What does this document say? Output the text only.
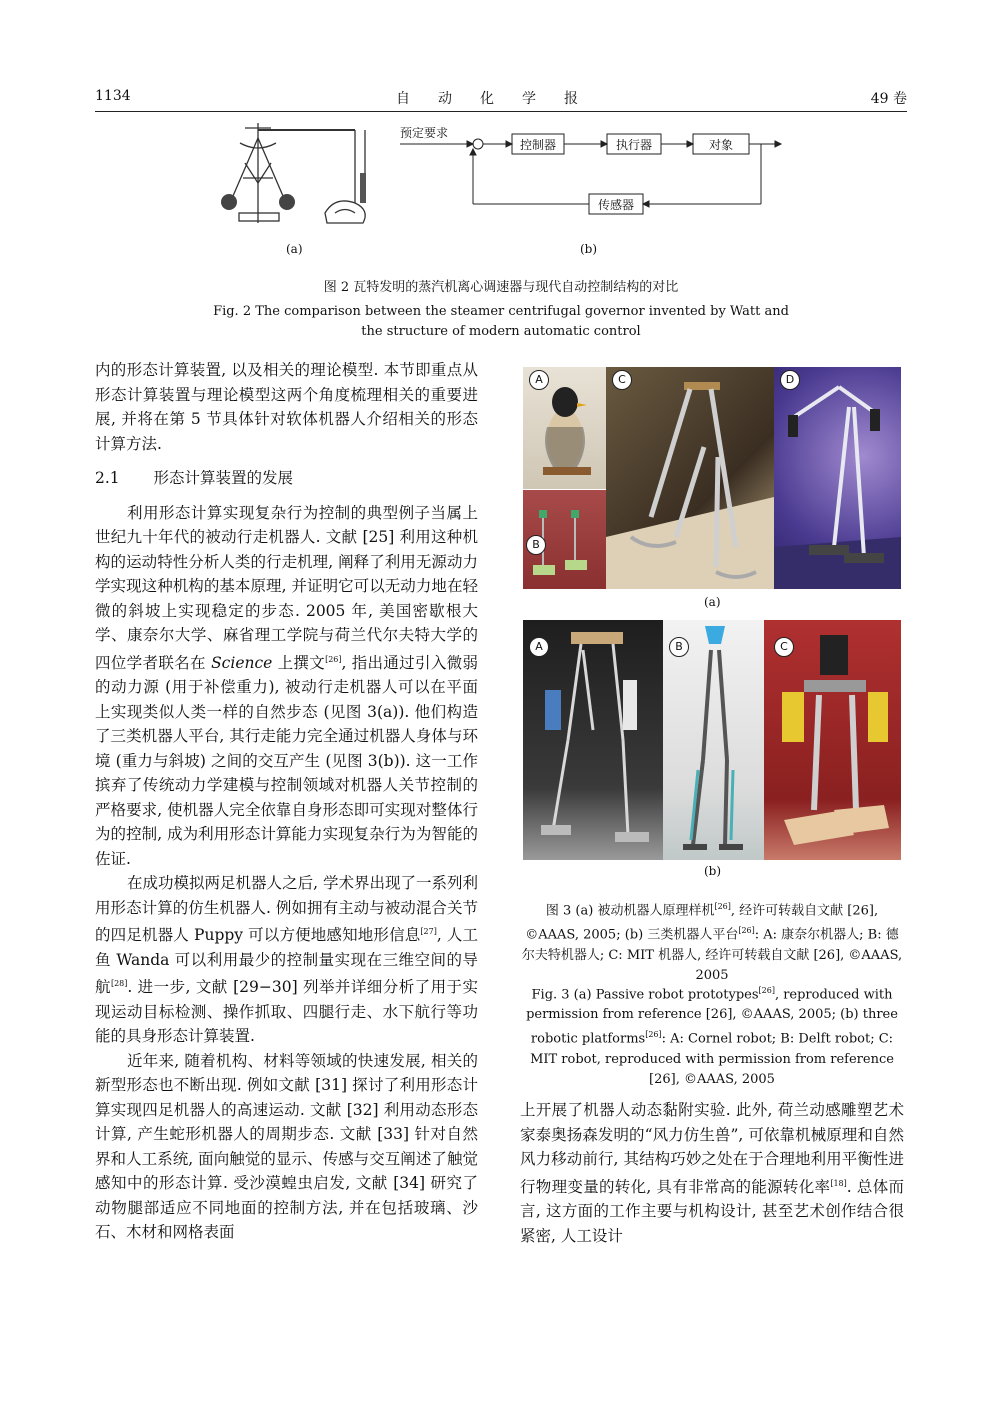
1134	自动化学报	49 卷
(a)
预定要求
控制器	执行器	对象
传感器
(b)
图 2 瓦特发明的蒸汽机离心调速器与现代自动控制结构的对比
Fig. 2 The comparison between the steamer centrifugal governor invented by Watt and
the structure of modern automatic control

内的形态计算装置, 以及相关的理论模型. 本节即重点从形态计算装置与理论模型这两个角度梳理相关的重要进展, 并将在第 5 节具体针对软体机器人介绍相关的形态计算方法.

2.1 形态计算装置的发展

利用形态计算实现复杂行为控制的典型例子当属上世纪九十年代的被动行走机器人. 文献 [25] 利用这种机构的运动特性分析人类的行走机理, 阐释了利用无源动力学实现这种机构的基本原理, 并证明它可以无动力地在轻微的斜坡上实现稳定的步态. 2005 年, 美国密歇根大学、康奈尔大学、麻省理工学院与荷兰代尔夫特大学的四位学者联名在 Science 上撰文[26], 指出通过引入微弱的动力源 (用于补偿重力), 被动行走机器人可以在平面上实现类似人类一样的自然步态 (见图 3(a)). 他们构造了三类机器人平台, 其行走能力完全通过机器人身体与环境 (重力与斜坡) 之间的交互产生 (见图 3(b)). 这一工作摈弃了传统动力学建模与控制领域对机器人关节控制的严格要求, 使机器人完全依靠自身形态即可实现对整体行为的控制, 成为利用形态计算能力实现复杂行为为智能的佐证.

在成功模拟两足机器人之后, 学术界出现了一系列利用形态计算的仿生机器人. 例如拥有主动与被动混合关节的四足机器人 Puppy 可以方便地感知地形信息[27], 人工鱼 Wanda 可以利用最少的控制量实现在三维空间的导航[28]. 进一步, 文献 [29−30] 列举并详细分析了用于实现运动目标检测、操作抓取、四腿行走、水下航行等功能的具身形态计算装置.

近年来, 随着机构、材料等领域的快速发展, 相关的新型形态也不断出现. 例如文献 [31] 探讨了利用形态计算实现四足机器人的高速运动. 文献 [32] 利用动态形态计算, 产生蛇形机器人的周期步态. 文献 [33] 针对自然界和人工系统, 面向触觉的显示、传感与交互阐述了触觉感知中的形态计算. 受沙漠蝗虫启发, 文献 [34] 研究了动物腿部适应不同地面的控制方法, 并在包括玻璃、沙石、木材和网格表面

A
B
C	D
(a)
A	B	C
(b)
图 3 (a) 被动机器人原理样机[26], 经许可转载自文献 [26], ©AAAS, 2005; (b) 三类机器人平台[26]: A: 康奈尔机器人; B: 德尔夫特机器人; C: MIT 机器人, 经许可转载自文献 [26], ©AAAS, 2005
Fig. 3 (a) Passive robot prototypes[26], reproduced with permission from reference [26], ©AAAS, 2005; (b) three robotic platforms[26]: A: Cornel robot; B: Delft robot; C: MIT robot, reproduced with permission from reference [26], ©AAAS, 2005

上开展了机器人动态黏附实验. 此外, 荷兰动感雕塑艺术家泰奥扬森发明的“风力仿生兽”, 可依靠机械原理和自然风力移动前行, 其结构巧妙之处在于合理地利用平衡性进行物理变量的转化, 具有非常高的能源转化率[18]. 总体而言, 这方面的工作主要与机构设计, 甚至艺术创作结合很紧密, 人工设计
